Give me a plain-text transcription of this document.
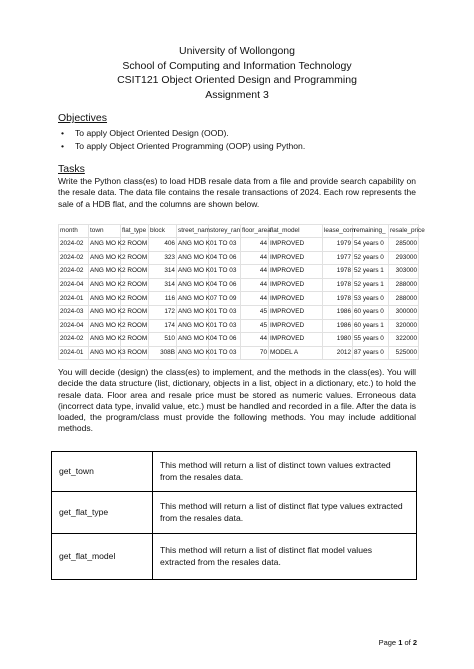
University of Wollongong
School of Computing and Information Technology
CSIT121 Object Oriented Design and Programming
Assignment 3
Objectives
• To apply Object Oriented Design (OOD).
• To apply Object Oriented Programming (OOP) using Python.
Tasks

Write the Python class(es) to load HDB resale data from a file and provide search capability on the resale data. The data file contains the resale transactions of 2024. Each row represents the sale of a HDB flat, and the columns are shown below.

month	town	flat_type	block	street_nam	storey_ran	floor_area	flat_model	lease_com	remaining_	resale_price
2024-02	ANG MO K	2 ROOM	406	ANG MO K	01 TO 03	44	IMPROVED	1979	54 years 0	285000
2024-02	ANG MO K	2 ROOM	323	ANG MO K	04 TO 06	44	IMPROVED	1977	52 years 0	293000
2024-02	ANG MO K	2 ROOM	314	ANG MO K	01 TO 03	44	IMPROVED	1978	52 years 1	303000
2024-04	ANG MO K	2 ROOM	314	ANG MO K	04 TO 06	44	IMPROVED	1978	52 years 1	288000
2024-01	ANG MO K	2 ROOM	116	ANG MO K	07 TO 09	44	IMPROVED	1978	53 years 0	288000
2024-03	ANG MO K	2 ROOM	172	ANG MO K	01 TO 03	45	IMPROVED	1986	60 years 0	300000
2024-04	ANG MO K	2 ROOM	174	ANG MO K	01 TO 03	45	IMPROVED	1986	60 years 1	320000
2024-02	ANG MO K	2 ROOM	510	ANG MO K	04 TO 06	44	IMPROVED	1980	55 years 0	322000
2024-01	ANG MO K	3 ROOM	308B	ANG MO K	01 TO 03	70	MODEL A	2012	87 years 0	525000

You will decide (design) the class(es) to implement, and the methods in the class(es). You will decide the data structure (list, dictionary, objects in a list, object in a dictionary, etc.) to hold the resale data. Floor area and resale price must be stored as numeric values. Erroneous data (incorrect data type, invalid value, etc.) must be handled and recorded in a file. After the data is loaded, the program/class must provide the following methods. You may include additional methods.

get_town	This method will return a list of distinct town values extracted from the resales data.
get_flat_type	This method will return a list of distinct flat type values extracted from the resales data.
get_flat_model	This method will return a list of distinct flat model values extracted from the resales data.
Page 1 of 2
